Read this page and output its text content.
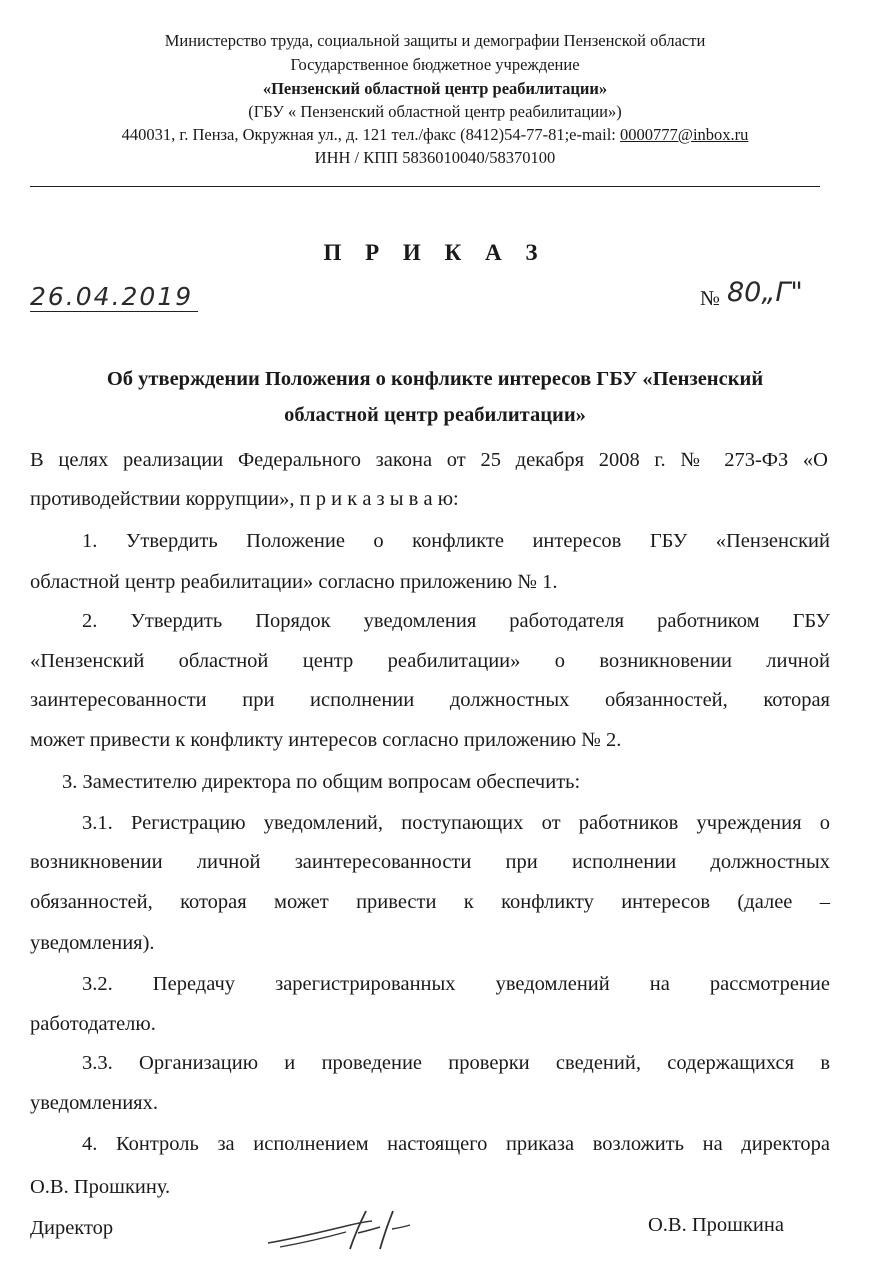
Министерство труда, социальной защиты и демографии Пензенской области
Государственное бюджетное учреждение
«Пензенский областной центр реабилитации»
(ГБУ « Пензенский областной центр реабилитации»)
440031, г. Пенза, Окружная ул., д. 121 тел./факс (8412)54-77-81;e-mail: 0000777@inbox.ru
ИНН / КПП 5836010040/58370100
П Р И К А З
26.04.2019	№ 80„Г"
Об утверждении Положения о конфликте интересов ГБУ «Пензенский
областной центр реабилитации»
В целях реализации Федерального закона от 25 декабря 2008 г. № 273-ФЗ «О
противодействии коррупции», п р и к а з ы в а ю:
1. Утвердить Положение о конфликте интересов ГБУ «Пензенский
областной центр реабилитации» согласно приложению № 1.
2. Утвердить Порядок уведомления работодателя работником ГБУ
«Пензенский областной центр реабилитации» о возникновении личной
заинтересованности при исполнении должностных обязанностей, которая
может привести к конфликту интересов согласно приложению № 2.
3. Заместителю директора по общим вопросам обеспечить:
3.1. Регистрацию уведомлений, поступающих от работников учреждения о
возникновении личной заинтересованности при исполнении должностных
обязанностей, которая может привести к конфликту интересов (далее –
уведомления).
3.2. Передачу зарегистрированных уведомлений на рассмотрение
работодателю.
3.3. Организацию и проведение проверки сведений, содержащихся в
уведомлениях.
4. Контроль за исполнением настоящего приказа возложить на директора
О.В. Прошкину.
Директор	О.В. Прошкина
